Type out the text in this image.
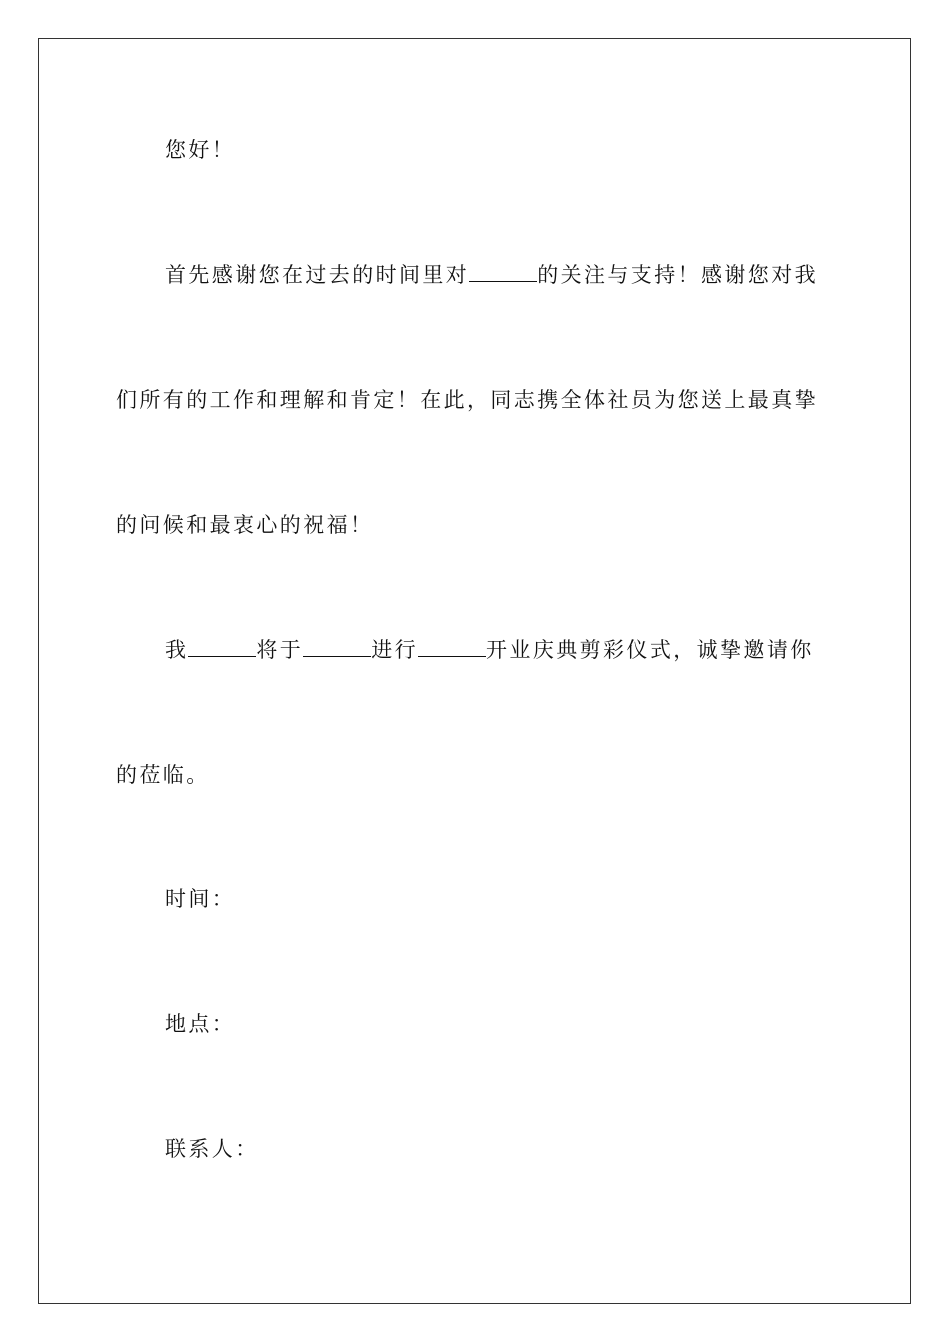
您好！
首先感谢您在过去的时间里对	的关注与支持！感谢您对我
们所有的工作和理解和肯定！在此，同志携全体社员为您送上最真挚
的问候和最衷心的祝福！
我	将于	进行	开业庆典剪彩仪式，诚挚邀请你
的莅临。
时间：
地点：
联系人：
